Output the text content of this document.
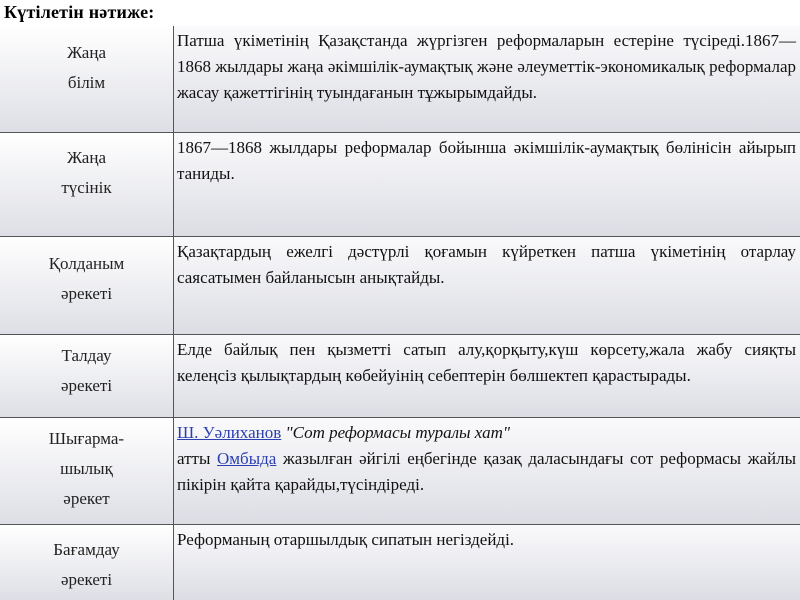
Күтілетін нәтиже:
Жаңа
білім
Патша үкіметінің Қазақстанда жүргізген реформаларын естеріне түсіреді.1867—1868 жылдары жаңа әкімшілік-аумақтық және әлеуметтік-экономикалық реформалар жасау қажеттігінің туындағанын тұжырымдайды.
Жаңа
түсінік
1867—1868 жылдары реформалар бойынша әкімшілік-аумақтық бөлінісін айырып таниды.
Қолданым
әрекеті
Қазақтардың ежелгі дәстүрлі қоғамын күйреткен патша үкіметінің отарлау саясатымен байланысын анықтайды.
Талдау
әрекеті
Елде байлық пен қызметті сатып алу,қорқыту,күш көрсету,жала жабу сияқты келеңсіз қылықтардың көбейуінің себептерін бөлшектеп қарастырады.
Шығарма-
шылық
әрекет
Ш. Уәлиханов "Сот реформасы туралы хат"
атты Омбыда жазылған әйгілі еңбегінде қазақ даласындағы сот реформасы жайлы пікірін қайта қарайды,түсіндіреді.
Бағамдау
әрекеті
Реформаның отаршылдық сипатын негіздейді.
